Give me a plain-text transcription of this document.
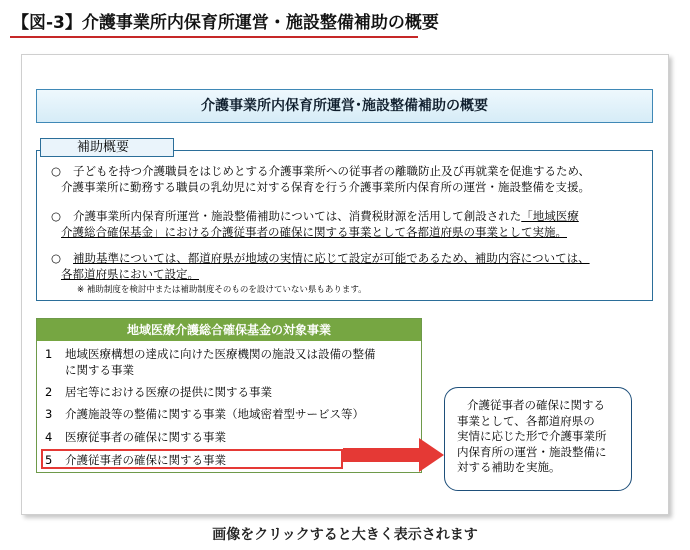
【図-3】介護事業所内保育所運営・施設整備補助の概要
介護事業所内保育所運営･施設整備補助の概要
補助概要
○ 子どもを持つ介護職員をはじめとする介護事業所への従事者の離職防止及び再就業を促進するため、
介護事業所に勤務する職員の乳幼児に対する保育を行う介護事業所内保育所の運営・施設整備を支援。
○ 介護事業所内保育所運営・施設整備補助については、消費税財源を活用して創設された「地域医療
介護総合確保基金」における介護従事者の確保に関する事業として各都道府県の事業として実施。
○ 補助基準については、都道府県が地域の実情に応じて設定が可能であるため、補助内容については、
各都道府県において設定。
※ 補助制度を検討中または補助制度そのものを設けていない県もあります。
地域医療介護総合確保基金の対象事業
1 地域医療構想の達成に向けた医療機関の施設又は設備の整備
に関する事業
2 居宅等における医療の提供に関する事業
3 介護施設等の整備に関する事業（地域密着型サービス等）
4 医療従事者の確保に関する事業
5 介護従事者の確保に関する事業
介護従事者の確保に関する
事業として、各都道府県の
実情に応じた形で介護事業所
内保育所の運営・施設整備に
対する補助を実施。
画像をクリックすると大きく表示されます
